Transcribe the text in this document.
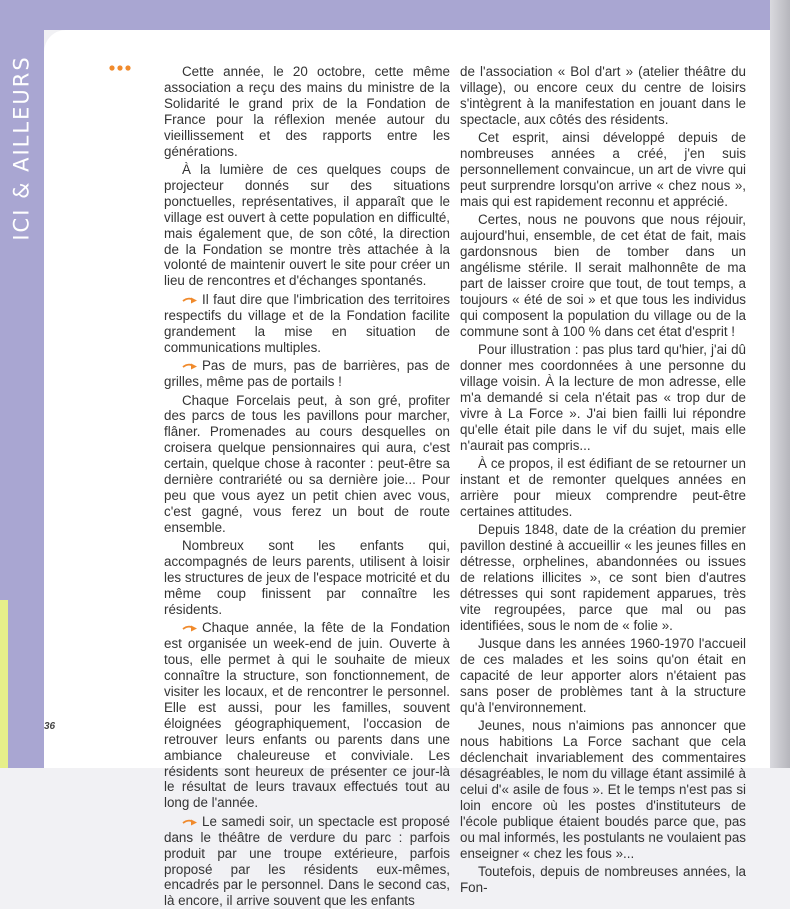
ICI & AILLEURS
36

Cette année, le 20 octobre, cette même association a reçu des mains du ministre de la Solidarité le grand prix de la Fondation de France pour la réflexion menée autour du vieillissement et des rapports entre les générations.

À la lumière de ces quelques coups de projecteur donnés sur des situations ponctuelles, représentatives, il apparaît que le village est ouvert à cette population en difficulté, mais également que, de son côté, la direction de la Fondation se montre très attachée à la volonté de maintenir ouvert le site pour créer un lieu de rencontres et d'échanges spontanés.

Il faut dire que l'imbrication des territoires respectifs du village et de la Fondation facilite grandement la mise en situation de communications multiples.

Pas de murs, pas de barrières, pas de grilles, même pas de portails !

Chaque Forcelais peut, à son gré, profiter des parcs de tous les pavillons pour marcher, flâner. Promenades au cours desquelles on croisera quelque pensionnaires qui aura, c'est certain, quelque chose à raconter : peut-être sa dernière contrariété ou sa dernière joie... Pour peu que vous ayez un petit chien avec vous, c'est gagné, vous ferez un bout de route ensemble.

Nombreux sont les enfants qui, accompagnés de leurs parents, utilisent à loisir les structures de jeux de l'espace motricité et du même coup finissent par connaître les résidents.

Chaque année, la fête de la Fondation est organisée un week-end de juin. Ouverte à tous, elle permet à qui le souhaite de mieux connaître la structure, son fonctionnement, de visiter les locaux, et de rencontrer le personnel. Elle est aussi, pour les familles, souvent éloignées géographiquement, l'occasion de retrouver leurs enfants ou parents dans une ambiance chaleureuse et conviviale. Les résidents sont heureux de présenter ce jour-là le résultat de leurs travaux effectués tout au long de l'année.

Le samedi soir, un spectacle est proposé dans le théâtre de verdure du parc : parfois produit par une troupe extérieure, parfois proposé par les résidents eux-mêmes, encadrés par le personnel. Dans le second cas, là encore, il arrive souvent que les enfants

de l'association « Bol d'art » (atelier théâtre du village), ou encore ceux du centre de loisirs s'intègrent à la manifestation en jouant dans le spectacle, aux côtés des résidents.

Cet esprit, ainsi développé depuis de nombreuses années a créé, j'en suis personnellement convaincue, un art de vivre qui peut surprendre lorsqu'on arrive « chez nous », mais qui est rapidement reconnu et apprécié.

Certes, nous ne pouvons que nous réjouir, aujourd'hui, ensemble, de cet état de fait, mais gardonsnous bien de tomber dans un angélisme stérile. Il serait malhonnête de ma part de laisser croire que tout, de tout temps, a toujours « été de soi » et que tous les individus qui composent la population du village ou de la commune sont à 100 % dans cet état d'esprit !

Pour illustration : pas plus tard qu'hier, j'ai dû donner mes coordonnées à une personne du village voisin. À la lecture de mon adresse, elle m'a demandé si cela n'était pas « trop dur de vivre à La Force ». J'ai bien failli lui répondre qu'elle était pile dans le vif du sujet, mais elle n'aurait pas compris...

À ce propos, il est édifiant de se retourner un instant et de remonter quelques années en arrière pour mieux comprendre peut-être certaines attitudes.

Depuis 1848, date de la création du premier pavillon destiné à accueillir « les jeunes filles en détresse, orphelines, abandonnées ou issues de relations illicites », ce sont bien d'autres détresses qui sont rapidement apparues, très vite regroupées, parce que mal ou pas identifiées, sous le nom de « folie ».

Jusque dans les années 1960-1970 l'accueil de ces malades et les soins qu'on était en capacité de leur apporter alors n'étaient pas sans poser de problèmes tant à la structure qu'à l'environnement.

Jeunes, nous n'aimions pas annoncer que nous habitions La Force sachant que cela déclenchait invariablement des commentaires désagréables, le nom du village étant assimilé à celui d'« asile de fous ». Et le temps n'est pas si loin encore où les postes d'instituteurs de l'école publique étaient boudés parce que, pas ou mal informés, les postulants ne voulaient pas enseigner « chez les fous »...

Toutefois, depuis de nombreuses années, la Fon-
